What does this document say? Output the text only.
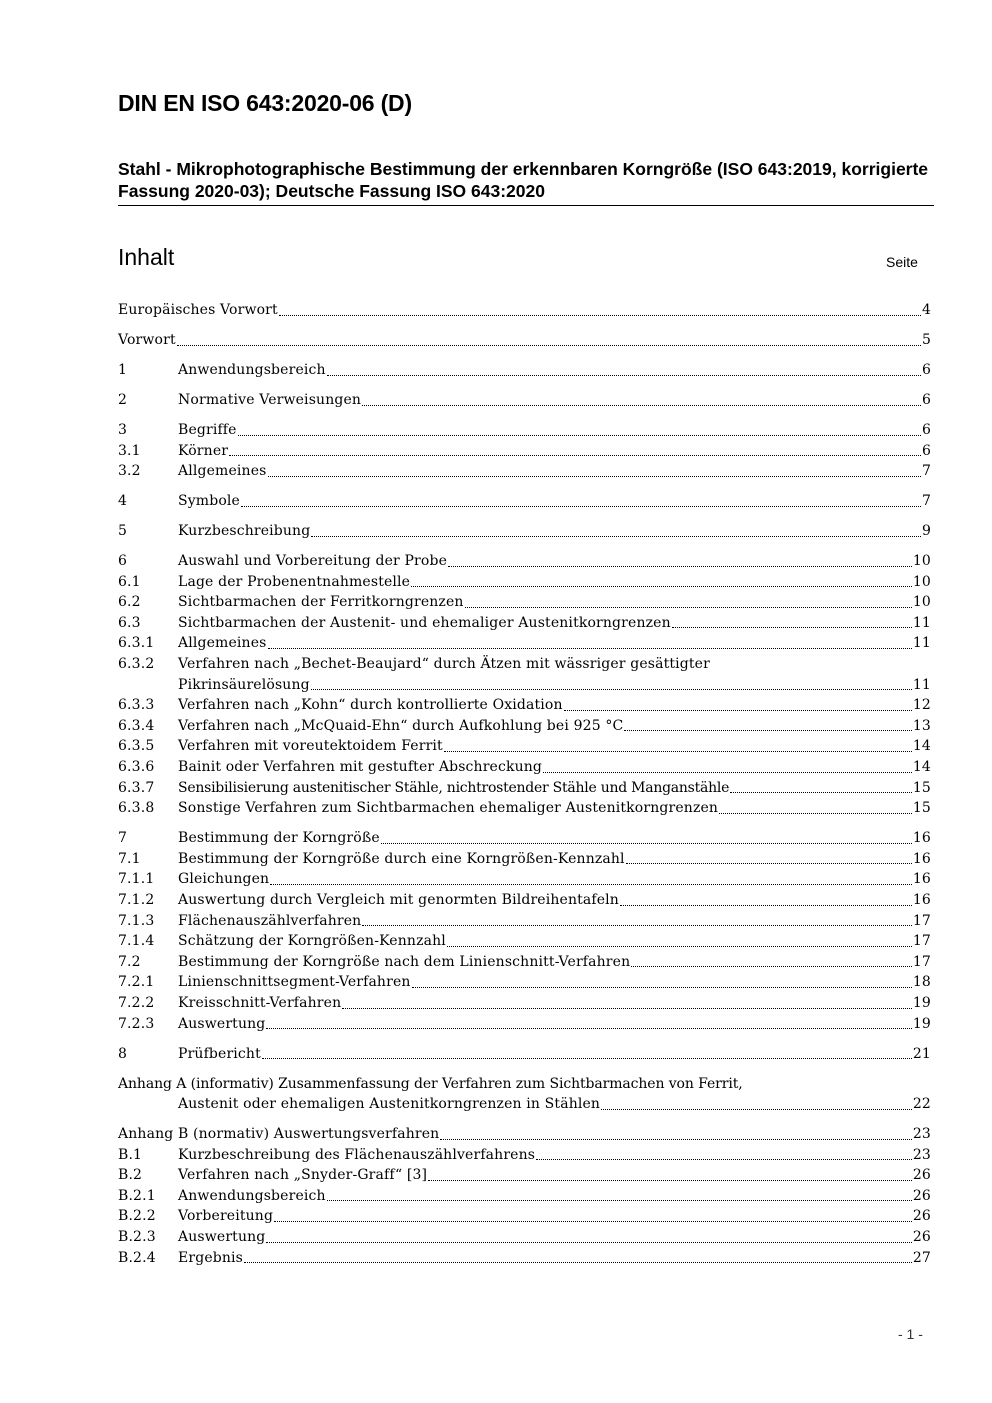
DIN EN ISO 643:2020-06 (D)
Stahl - Mikrophotographische Bestimmung der erkennbaren Korngröße (ISO 643:2019, korrigierte Fassung 2020-03); Deutsche Fassung ISO 643:2020
Inhalt	Seite
Europäisches Vorwort	4
Vorwort	5
1	Anwendungsbereich	6
2	Normative Verweisungen	6
3	Begriffe	6
3.1	Körner	6
3.2	Allgemeines	7
4	Symbole	7
5	Kurzbeschreibung	9
6	Auswahl und Vorbereitung der Probe	10
6.1	Lage der Probenentnahmestelle	10
6.2	Sichtbarmachen der Ferritkorngrenzen	10
6.3	Sichtbarmachen der Austenit- und ehemaliger Austenitkorngrenzen	11
6.3.1 Allgemeines	11
6.3.2 Verfahren nach „Bechet-Beaujard“ durch Ätzen mit wässriger gesättigter
Pikrinsäurelösung	11
6.3.3 Verfahren nach „Kohn“ durch kontrollierte Oxidation	12
6.3.4 Verfahren nach „McQuaid-Ehn“ durch Aufkohlung bei 925 °C	13
6.3.5 Verfahren mit voreutektoidem Ferrit	14
6.3.6 Bainit oder Verfahren mit gestufter Abschreckung	14
6.3.7 Sensibilisierung austenitischer Stähle, nichtrostender Stähle und Manganstähle	15
6.3.8 Sonstige Verfahren zum Sichtbarmachen ehemaliger Austenitkorngrenzen	15
7	Bestimmung der Korngröße	16
7.1	Bestimmung der Korngröße durch eine Korngrößen-Kennzahl	16
7.1.1 Gleichungen	16
7.1.2 Auswertung durch Vergleich mit genormten Bildreihentafeln	16
7.1.3 Flächenauszählverfahren	17
7.1.4 Schätzung der Korngrößen-Kennzahl	17
7.2	Bestimmung der Korngröße nach dem Linienschnitt-Verfahren	17
7.2.1 Linienschnittsegment-Verfahren	18
7.2.2 Kreisschnitt-Verfahren	19
7.2.3 Auswertung	19
8	Prüfbericht	21
Anhang A (informativ) Zusammenfassung der Verfahren zum Sichtbarmachen von Ferrit,
Austenit oder ehemaligen Austenitkorngrenzen in Stählen	22
Anhang B (normativ) Auswertungsverfahren	23
B.1	Kurzbeschreibung des Flächenauszählverfahrens	23
B.2	Verfahren nach „Snyder-Graff“ [3]	26
B.2.1 Anwendungsbereich	26
B.2.2 Vorbereitung	26
B.2.3 Auswertung	26
B.2.4 Ergebnis	27
- 1 -
